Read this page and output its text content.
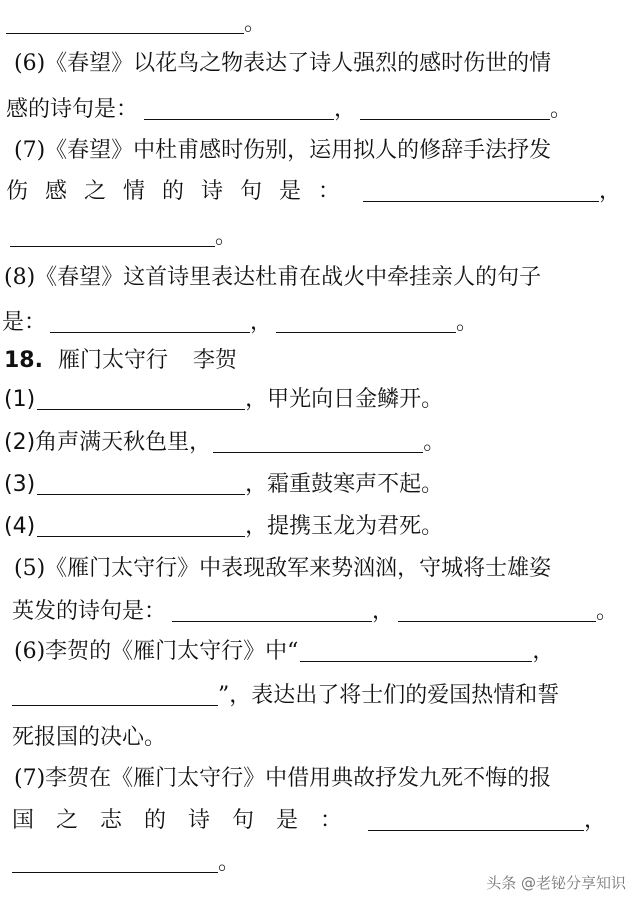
。
(6)《春望》以花鸟之物表达了诗人强烈的感时伤世的情
感的诗句是：	，	。
(7)《春望》中杜甫感时伤别，运用拟人的修辞手法抒发
伤感之情的诗句是：	，
。
(8)《春望》这首诗里表达杜甫在战火中牵挂亲人的句子
是：	，	。
18. 雁门太守行 李贺
(1)	，甲光向日金鳞开。
(2)角声满天秋色里，	。
(3)	，霜重鼓寒声不起。
(4)	，提携玉龙为君死。
(5)《雁门太守行》中表现敌军来势汹汹，守城将士雄姿
英发的诗句是：	，	。
(6)李贺的《雁门太守行》中“	，
”，表达出了将士们的爱国热情和誓
死报国的决心。
(7)李贺在《雁门太守行》中借用典故抒发九死不悔的报
国之志的诗句是：	，
。
头条 @老铋分享知识
